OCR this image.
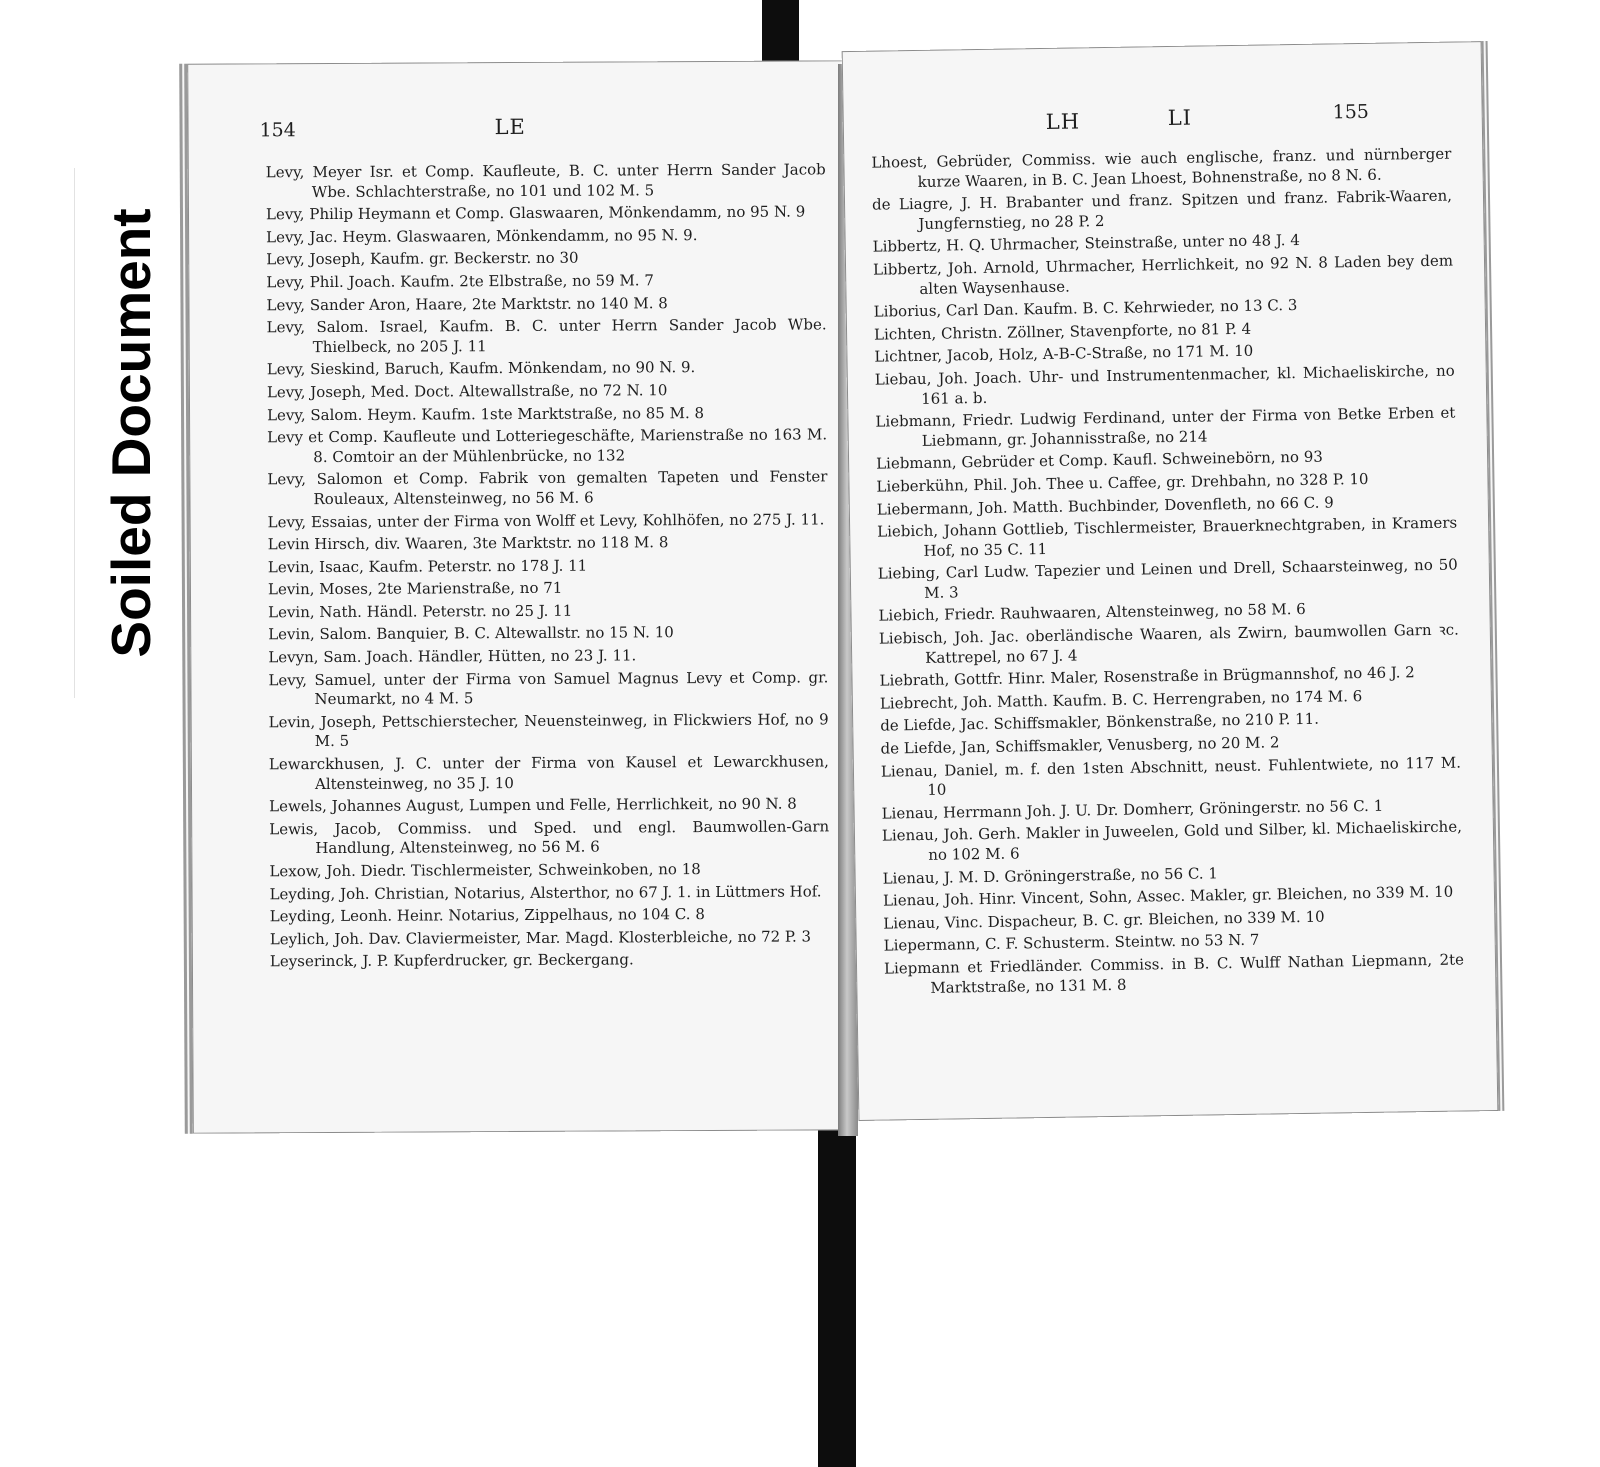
Soiled Document
154	LE
Levy, Meyer Isr. et Comp. Kaufleute, B. C. unter Herrn Sander Jacob Wbe. Schlachterstraße, no 101 und 102 M. 5
Levy, Philip Heymann et Comp. Glaswaaren, Mönkendamm, no 95 N. 9
Levy, Jac. Heym. Glaswaaren, Mönkendamm, no 95 N. 9.
Levy, Joseph, Kaufm. gr. Beckerstr. no 30
Levy, Phil. Joach. Kaufm. 2te Elbstraße, no 59 M. 7
Levy, Sander Aron, Haare, 2te Marktstr. no 140 M. 8
Levy, Salom. Israel, Kaufm. B. C. unter Herrn Sander Jacob Wbe. Thielbeck, no 205 J. 11
Levy, Sieskind, Baruch, Kaufm. Mönkendam, no 90 N. 9.
Levy, Joseph, Med. Doct. Altewallstraße, no 72 N. 10
Levy, Salom. Heym. Kaufm. 1ste Marktstraße, no 85 M. 8
Levy et Comp. Kaufleute und Lotteriegeschäfte, Marienstraße no 163 M. 8. Comtoir an der Mühlenbrücke, no 132
Levy, Salomon et Comp. Fabrik von gemalten Tapeten und Fenster Rouleaux, Altensteinweg, no 56 M. 6
Levy, Essaias, unter der Firma von Wolff et Levy, Kohlhöfen, no 275 J. 11.
Levin Hirsch, div. Waaren, 3te Marktstr. no 118 M. 8
Levin, Isaac, Kaufm. Peterstr. no 178 J. 11
Levin, Moses, 2te Marienstraße, no 71
Levin, Nath. Händl. Peterstr. no 25 J. 11
Levin, Salom. Banquier, B. C. Altewallstr. no 15 N. 10
Levyn, Sam. Joach. Händler, Hütten, no 23 J. 11.
Levy, Samuel, unter der Firma von Samuel Magnus Levy et Comp. gr. Neumarkt, no 4 M. 5
Levin, Joseph, Pettschierstecher, Neuensteinweg, in Flickwiers Hof, no 9 M. 5
Lewarckhusen, J. C. unter der Firma von Kausel et Lewarckhusen, Altensteinweg, no 35 J. 10
Lewels, Johannes August, Lumpen und Felle, Herrlichkeit, no 90 N. 8
Lewis, Jacob, Commiss. und Sped. und engl. Baumwollen-Garn Handlung, Altensteinweg, no 56 M. 6
Lexow, Joh. Diedr. Tischlermeister, Schweinkoben, no 18
Leyding, Joh. Christian, Notarius, Alsterthor, no 67 J. 1. in Lüttmers Hof.
Leyding, Leonh. Heinr. Notarius, Zippelhaus, no 104 C. 8
Leylich, Joh. Dav. Claviermeister, Mar. Magd. Klosterbleiche, no 72 P. 3
Leyserinck, J. P. Kupferdrucker, gr. Beckergang.
LH	LI	155
Lhoest, Gebrüder, Commiss. wie auch englische, franz. und nürnberger kurze Waaren, in B. C. Jean Lhoest, Bohnenstraße, no 8 N. 6.
de Liagre, J. H. Brabanter und franz. Spitzen und franz. Fabrik-Waaren, Jungfernstieg, no 28 P. 2
Libbertz, H. Q. Uhrmacher, Steinstraße, unter no 48 J. 4
Libbertz, Joh. Arnold, Uhrmacher, Herrlichkeit, no 92 N. 8 Laden bey dem alten Waysenhause.
Liborius, Carl Dan. Kaufm. B. C. Kehrwieder, no 13 C. 3
Lichten, Christn. Zöllner, Stavenpforte, no 81 P. 4
Lichtner, Jacob, Holz, A-B-C-Straße, no 171 M. 10
Liebau, Joh. Joach. Uhr- und Instrumentenmacher, kl. Michaeliskirche, no 161 a. b.
Liebmann, Friedr. Ludwig Ferdinand, unter der Firma von Betke Erben et Liebmann, gr. Johannisstraße, no 214
Liebmann, Gebrüder et Comp. Kaufl. Schweinebörn, no 93
Lieberkühn, Phil. Joh. Thee u. Caffee, gr. Drehbahn, no 328 P. 10
Liebermann, Joh. Matth. Buchbinder, Dovenfleth, no 66 C. 9
Liebich, Johann Gottlieb, Tischlermeister, Brauerknechtgraben, in Kramers Hof, no 35 C. 11
Liebing, Carl Ludw. Tapezier und Leinen und Drell, Schaarsteinweg, no 50 M. 3
Liebich, Friedr. Rauhwaaren, Altensteinweg, no 58 M. 6
Liebisch, Joh. Jac. oberländische Waaren, als Zwirn, baumwollen Garn ꝛc. Kattrepel, no 67 J. 4
Liebrath, Gottfr. Hinr. Maler, Rosenstraße in Brügmannshof, no 46 J. 2
Liebrecht, Joh. Matth. Kaufm. B. C. Herrengraben, no 174 M. 6
de Liefde, Jac. Schiffsmakler, Bönkenstraße, no 210 P. 11.
de Liefde, Jan, Schiffsmakler, Venusberg, no 20 M. 2
Lienau, Daniel, m. f. den 1sten Abschnitt, neust. Fuhlentwiete, no 117 M. 10
Lienau, Herrmann Joh. J. U. Dr. Domherr, Gröningerstr. no 56 C. 1
Lienau, Joh. Gerh. Makler in Juweelen, Gold und Silber, kl. Michaeliskirche, no 102 M. 6
Lienau, J. M. D. Gröningerstraße, no 56 C. 1
Lienau, Joh. Hinr. Vincent, Sohn, Assec. Makler, gr. Bleichen, no 339 M. 10
Lienau, Vinc. Dispacheur, B. C. gr. Bleichen, no 339 M. 10
Liepermann, C. F. Schusterm. Steintw. no 53 N. 7
Liepmann et Friedländer. Commiss. in B. C. Wulff Nathan Liepmann, 2te Marktstraße, no 131 M. 8
